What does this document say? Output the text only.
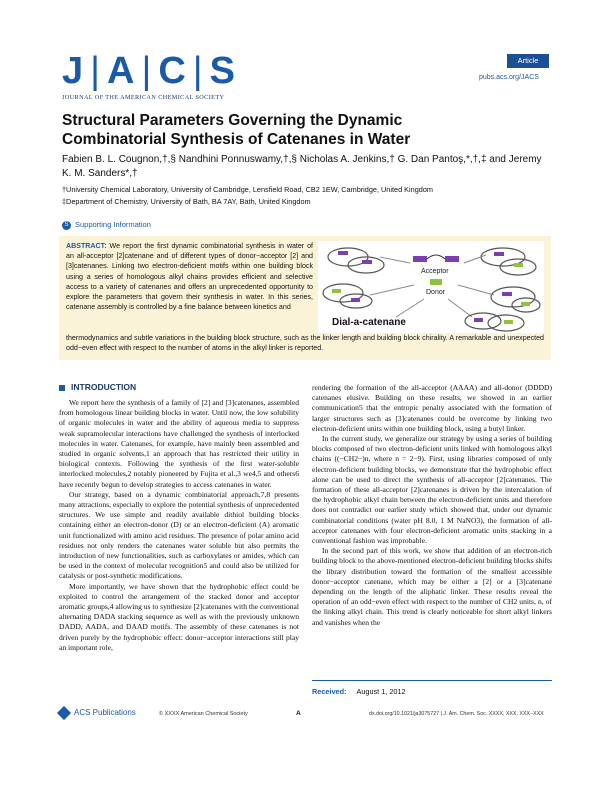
J | A | C | S
JOURNAL OF THE AMERICAN CHEMICAL SOCIETY
Article
pubs.acs.org/JACS
Structural Parameters Governing the Dynamic Combinatorial Synthesis of Catenanes in Water
Fabien B. L. Cougnon,†,§ Nandhini Ponnuswamy,†,§ Nicholas A. Jenkins,† G. Dan Pantoş,*,†,‡ and Jeremy K. M. Sanders*,†
†University Chemical Laboratory, University of Cambridge, Lensfield Road, CB2 1EW, Cambridge, United Kingdom
‡Department of Chemistry, University of Bath, BA 7AY, Bath, United Kingdom
S Supporting Information
ABSTRACT: We report the first dynamic combinatorial synthesis in water of an all-acceptor [2]catenane and of different types of donor−acceptor [2] and [3]catenanes. Linking two electron-deficient motifs within one building block using a series of homologous alkyl chains provides efficient and selective access to a variety of catenanes and offers an unprecedented opportunity to explore the parameters that govern their synthesis in water. In this series, catenane assembly is controlled by a fine balance between kinetics and
thermodynamics and subtle variations in the building block structure, such as the linker length and building block chirality. A remarkable and unexpected odd−even effect with respect to the number of atoms in the alkyl linker is reported.
Acceptor
Donor
Dial-a-catenane
INTRODUCTION

We report here the synthesis of a family of [2] and [3]catenanes, assembled from homologous linear building blocks in water. Until now, the low solubility of organic molecules in water and the ability of aqueous media to suppress weak supramolecular interactions have challenged the synthesis of interlocked molecules in water. Catenanes, for example, have mainly been assembled and studied in organic solvents,1 an approach that has restricted their utility in biological contexts. Following the synthesis of the first water-soluble interlocked molecules,2 notably pioneered by Fujita et al.,3 we4,5 and others6 have recently begun to develop strategies to access catenanes in water.

Our strategy, based on a dynamic combinatorial approach,7,8 presents many attractions, especially to explore the potential synthesis of unprecedented structures. We use simple and readily available dithiol building blocks containing either an electron-donor (D) or an electron-deficient (A) aromatic unit functionalized with amino acid residues. The presence of polar amino acid residues not only renders the catenanes water soluble but also permits the introduction of new functionalities, such as carboxylates or amides, which can be used in the context of molecular recognition5 and could also be utilized for catalysis or post-synthetic modifications.

More importantly, we have shown that the hydrophobic effect could be exploited to control the arrangement of the stacked donor and acceptor aromatic groups,4 allowing us to synthesize [2]catenanes with the conventional alternating DADA stacking sequence as well as with the previously unknown DADD, AADA, and DAAD motifs. The assembly of these catenanes is not driven purely by the hydrophobic effect: donor−acceptor interactions still play an important role,

rendering the formation of the all-acceptor (AAAA) and all-donor (DDDD) catenanes elusive. Building on these results, we showed in an earlier communication5 that the entropic penalty associated with the formation of larger structures such as [3]catenanes could be overcome by linking two electron-deficient units within one building block, using a butyl linker.

In the current study, we generalize our strategy by using a series of building blocks composed of two electron-deficient units linked with homologous alkyl chains ((−CH2−)n, where n = 2−9). First, using libraries composed of only electron-deficient building blocks, we demonstrate that the hydrophobic effect alone can be used to direct the synthesis of all-acceptor [2]catenanes. The formation of these all-acceptor [2]catenanes is driven by the intercalation of the hydrophobic alkyl chain between the electron-deficient units and therefore does not contradict our earlier study which showed that, under our dynamic combinatorial conditions (water pH 8.0, 1 M NaNO3), the formation of all-acceptor catenanes with four electron-deficient aromatic units stacking in a conventional fashion was improbable.

In the second part of this work, we show that addition of an electron-rich building block to the above-mentioned electron-deficient building blocks shifts the library distribution toward the formation of the smallest accessible donor−acceptor catenane, which may be either a [2] or a [3]catenane depending on the length of the aliphatic linker. These results reveal the operation of an odd−even effect with respect to the number of CH2 units, n, of the linking alkyl chain. This trend is clearly noticeable for short alkyl linkers and vanishes when the

Received: August 1, 2012
ACS Publications	© XXXX American Chemical Society	A	dx.doi.org/10.1021/ja3075727 | J. Am. Chem. Soc. XXXX, XXX, XXX−XXX
